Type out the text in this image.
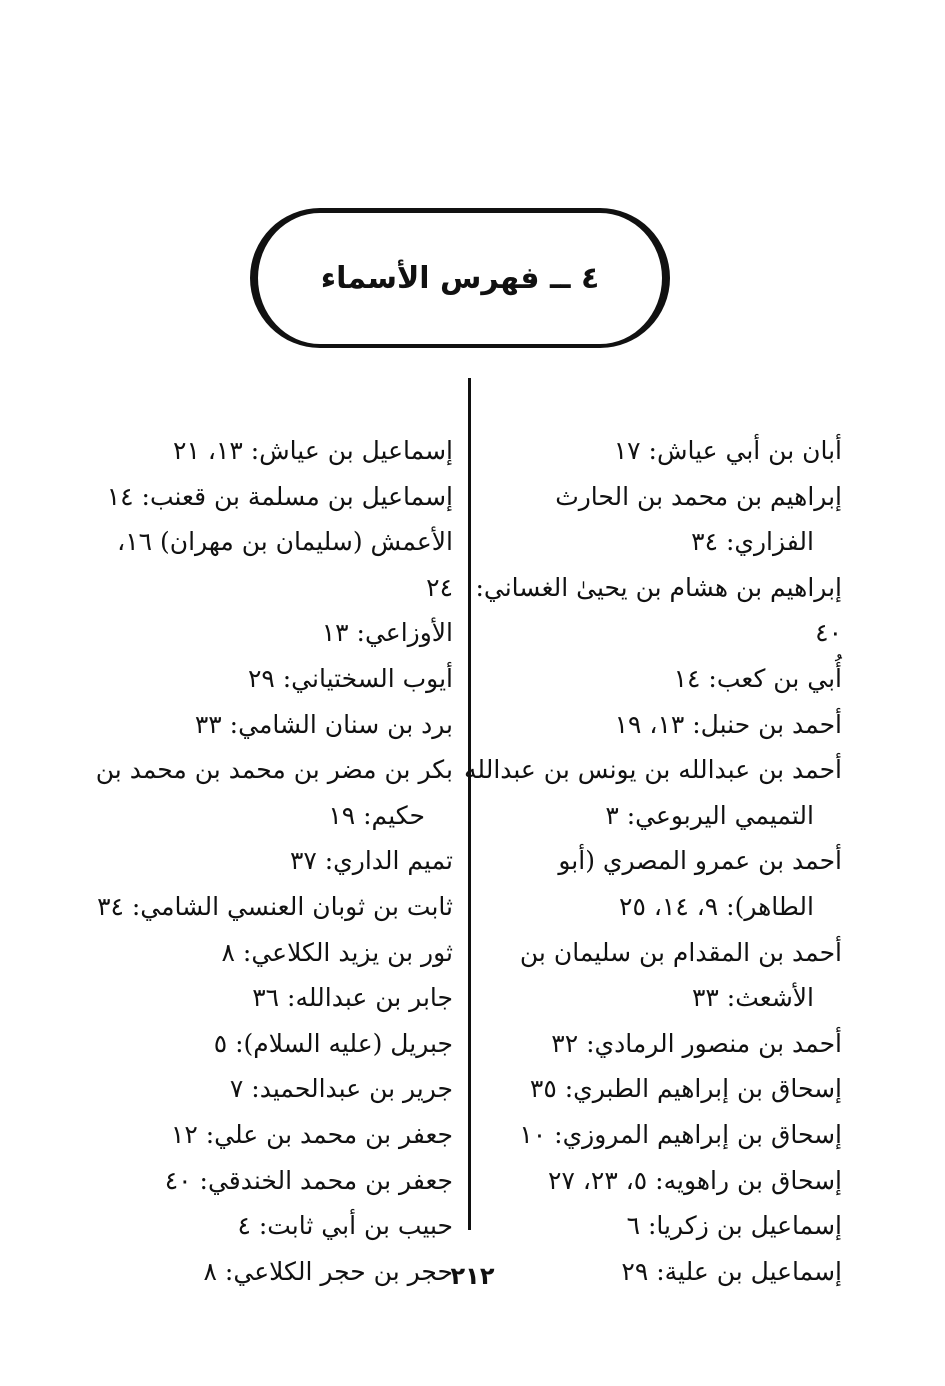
٤ ــ فهرس الأسماء
أبان بن أبي عياش: ١٧
إبراهيم بن محمد بن الحارث
الفزاري: ٣٤
إبراهيم بن هشام بن يحيىٰ الغساني:
٤٠
أُبي بن كعب: ١٤
أحمد بن حنبل: ١٣، ١٩
أحمد بن عبدالله بن يونس بن عبدالله
التميمي اليربوعي: ٣
أحمد بن عمرو المصري (أبو
الطاهر): ٩، ١٤، ٢٥
أحمد بن المقدام بن سليمان بن
الأشعث: ٣٣
أحمد بن منصور الرمادي: ٣٢
إسحاق بن إبراهيم الطبري: ٣٥
إسحاق بن إبراهيم المروزي: ١٠
إسحاق بن راهويه: ٥، ٢٣، ٢٧
إسماعيل بن زكريا: ٦
إسماعيل بن علية: ٢٩
إسماعيل بن عياش: ١٣، ٢١
إسماعيل بن مسلمة بن قعنب: ١٤
الأعمش (سليمان بن مهران) ١٦،
٢٤
الأوزاعي: ١٣
أيوب السختياني: ٢٩
برد بن سنان الشامي: ٣٣
بكر بن مضر بن محمد بن محمد بن
حكيم: ١٩
تميم الداري: ٣٧
ثابت بن ثوبان العنسي الشامي: ٣٤
ثور بن يزيد الكلاعي: ٨
جابر بن عبدالله: ٣٦
جبريل (عليه السلام): ٥
جرير بن عبدالحميد: ٧
جعفر بن محمد بن علي: ١٢
جعفر بن محمد الخندقي: ٤٠
حبيب بن أبي ثابت: ٤
حجر بن حجر الكلاعي: ٨
٢١٢
